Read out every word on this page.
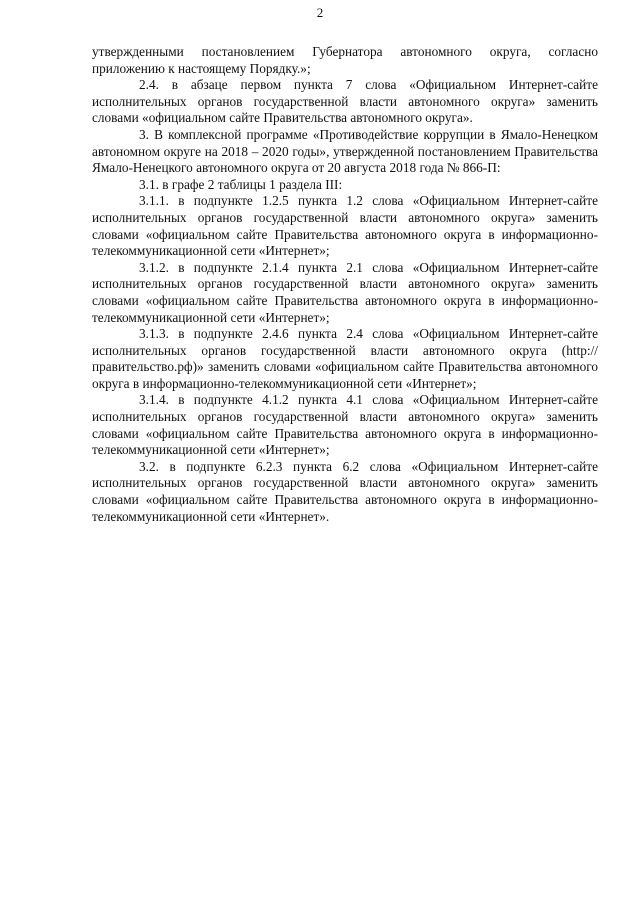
2

утвержденными постановлением Губернатора автономного округа, согласно приложению к настоящему Порядку.»;

2.4. в абзаце первом пункта 7 слова «Официальном Интернет-сайте исполнительных органов государственной власти автономного округа» заменить словами «официальном сайте Правительства автономного округа».

3. В комплексной программе «Противодействие коррупции в Ямало-Ненецком автономном округе на 2018 – 2020 годы», утвержденной постановлением Правительства Ямало-Ненецкого автономного округа от 20 августа 2018 года № 866-П:

3.1. в графе 2 таблицы 1 раздела III:

3.1.1. в подпункте 1.2.5 пункта 1.2 слова «Официальном Интернет-сайте исполнительных органов государственной власти автономного округа» заменить словами «официальном сайте Правительства автономного округа в информационно-телекоммуникационной сети «Интернет»;

3.1.2. в подпункте 2.1.4 пункта 2.1 слова «Официальном Интернет-сайте исполнительных органов государственной власти автономного округа» заменить словами «официальном сайте Правительства автономного округа в информационно-телекоммуникационной сети «Интернет»;

3.1.3. в подпункте 2.4.6 пункта 2.4 слова «Официальном Интернет-сайте исполнительных органов государственной власти автономного округа (http://правительство.рф)» заменить словами «официальном сайте Правительства автономного округа в информационно-телекоммуникационной сети «Интернет»;

3.1.4. в подпункте 4.1.2 пункта 4.1 слова «Официальном Интернет-сайте исполнительных органов государственной власти автономного округа» заменить словами «официальном сайте Правительства автономного округа в информационно-телекоммуникационной сети «Интернет»;

3.2. в подпункте 6.2.3 пункта 6.2 слова «Официальном Интернет-сайте исполнительных органов государственной власти автономного округа» заменить словами «официальном сайте Правительства автономного округа в информационно-телекоммуникационной сети «Интернет».
